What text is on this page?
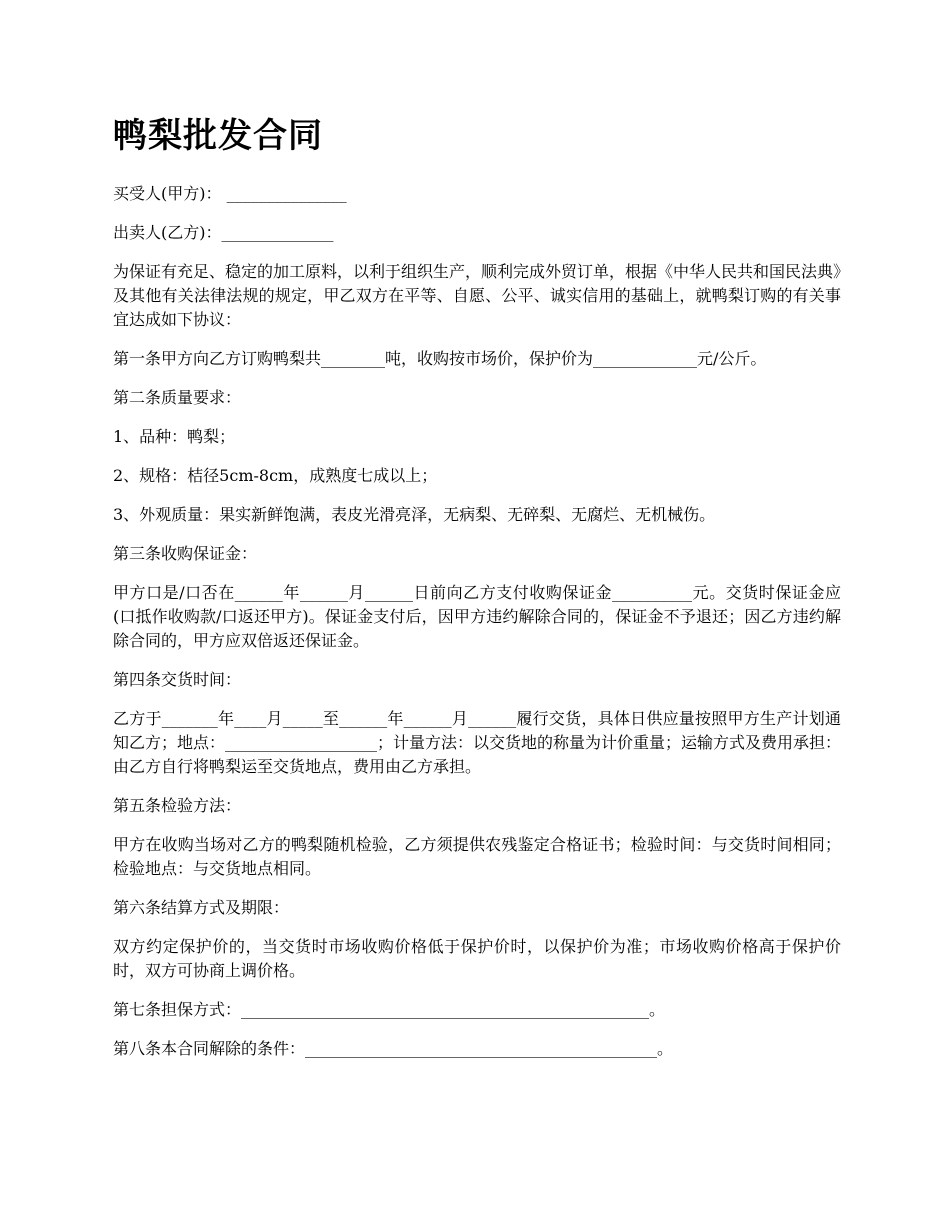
鸭梨批发合同

买受人(甲方)： _______________

出卖人(乙方)：______________

为保证有充足、稳定的加工原料，以利于组织生产，顺利完成外贸订单，根据《中华人民共和国民法典》及其他有关法律法规的规定，甲乙双方在平等、自愿、公平、诚实信用的基础上，就鸭梨订购的有关事宜达成如下协议：

第一条甲方向乙方订购鸭梨共________吨，收购按市场价，保护价为_____________元/公斤。

第二条质量要求：

1、品种：鸭梨；

2、规格：桔径5cm-8cm，成熟度七成以上；

3、外观质量：果实新鲜饱满，表皮光滑亮泽，无病梨、无碎梨、无腐烂、无机械伤。

第三条收购保证金：

甲方口是/口否在______年______月______日前向乙方支付收购保证金__________元。交货时保证金应(口抵作收购款/口返还甲方)。保证金支付后，因甲方违约解除合同的，保证金不予退还；因乙方违约解除合同的，甲方应双倍返还保证金。

第四条交货时间：

乙方于_______年____月_____至______年______月______履行交货，具体日供应量按照甲方生产计划通知乙方；地点：___________________；计量方法：以交货地的称量为计价重量；运输方式及费用承担：由乙方自行将鸭梨运至交货地点，费用由乙方承担。

第五条检验方法：

甲方在收购当场对乙方的鸭梨随机检验，乙方须提供农残鉴定合格证书；检验时间：与交货时间相同；检验地点：与交货地点相同。

第六条结算方式及期限：

双方约定保护价的，当交货时市场收购价格低于保护价时，以保护价为准；市场收购价格高于保护价时，双方可协商上调价格。

第七条担保方式：___________________________________________________。

第八条本合同解除的条件：____________________________________________。
